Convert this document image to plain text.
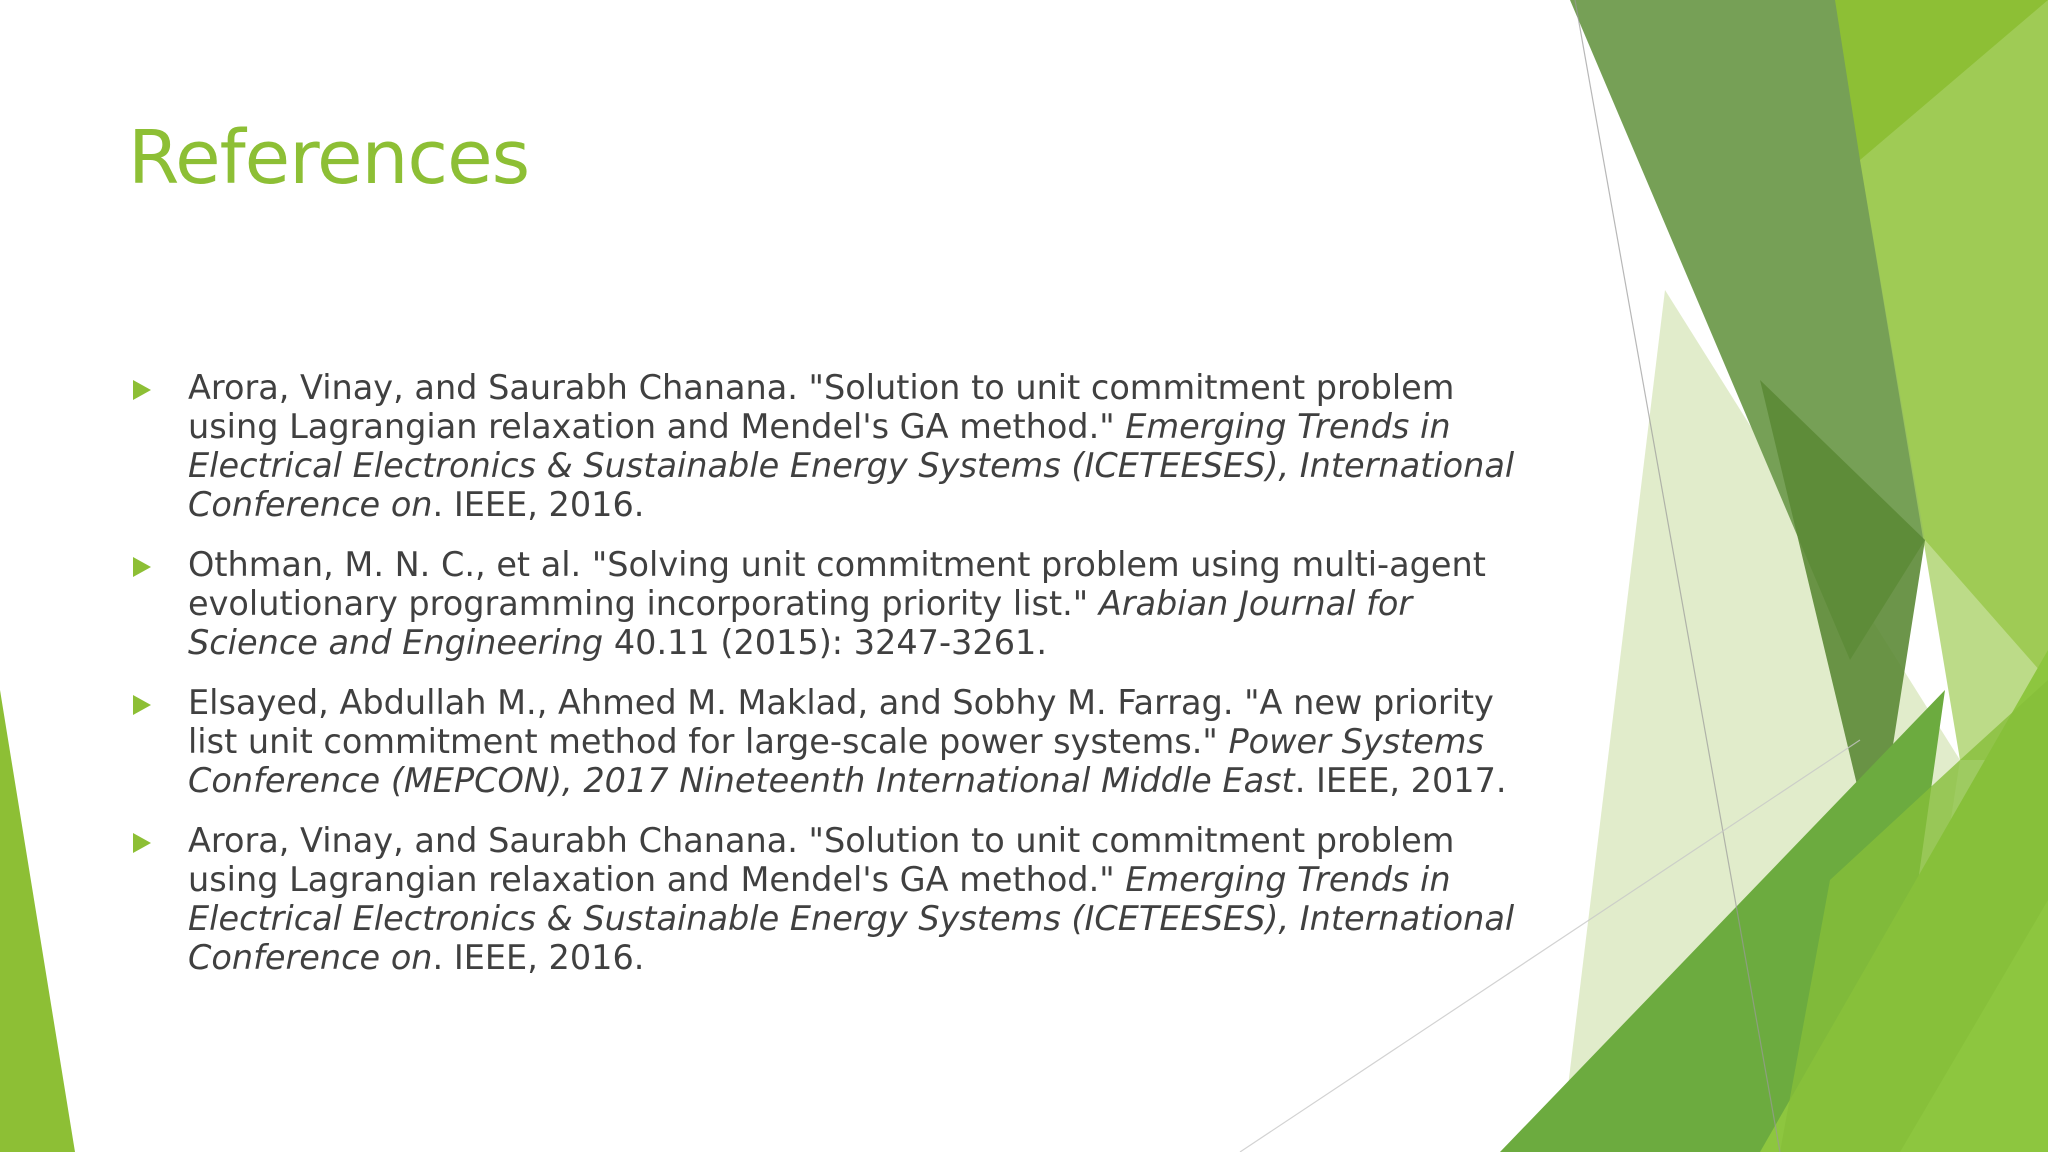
References
Arora, Vinay, and Saurabh Chanana. "Solution to unit commitment problem using Lagrangian relaxation and Mendel's GA method." Emerging Trends in Electrical Electronics & Sustainable Energy Systems (ICETEESES), International Conference on. IEEE, 2016.
Othman, M. N. C., et al. "Solving unit commitment problem using multi-agent evolutionary programming incorporating priority list." Arabian Journal for Science and Engineering 40.11 (2015): 3247-3261.
Elsayed, Abdullah M., Ahmed M. Maklad, and Sobhy M. Farrag. "A new priority list unit commitment method for large-scale power systems." Power Systems Conference (MEPCON), 2017 Nineteenth International Middle East. IEEE, 2017.
Arora, Vinay, and Saurabh Chanana. "Solution to unit commitment problem using Lagrangian relaxation and Mendel's GA method." Emerging Trends in Electrical Electronics & Sustainable Energy Systems (ICETEESES), International Conference on. IEEE, 2016.
